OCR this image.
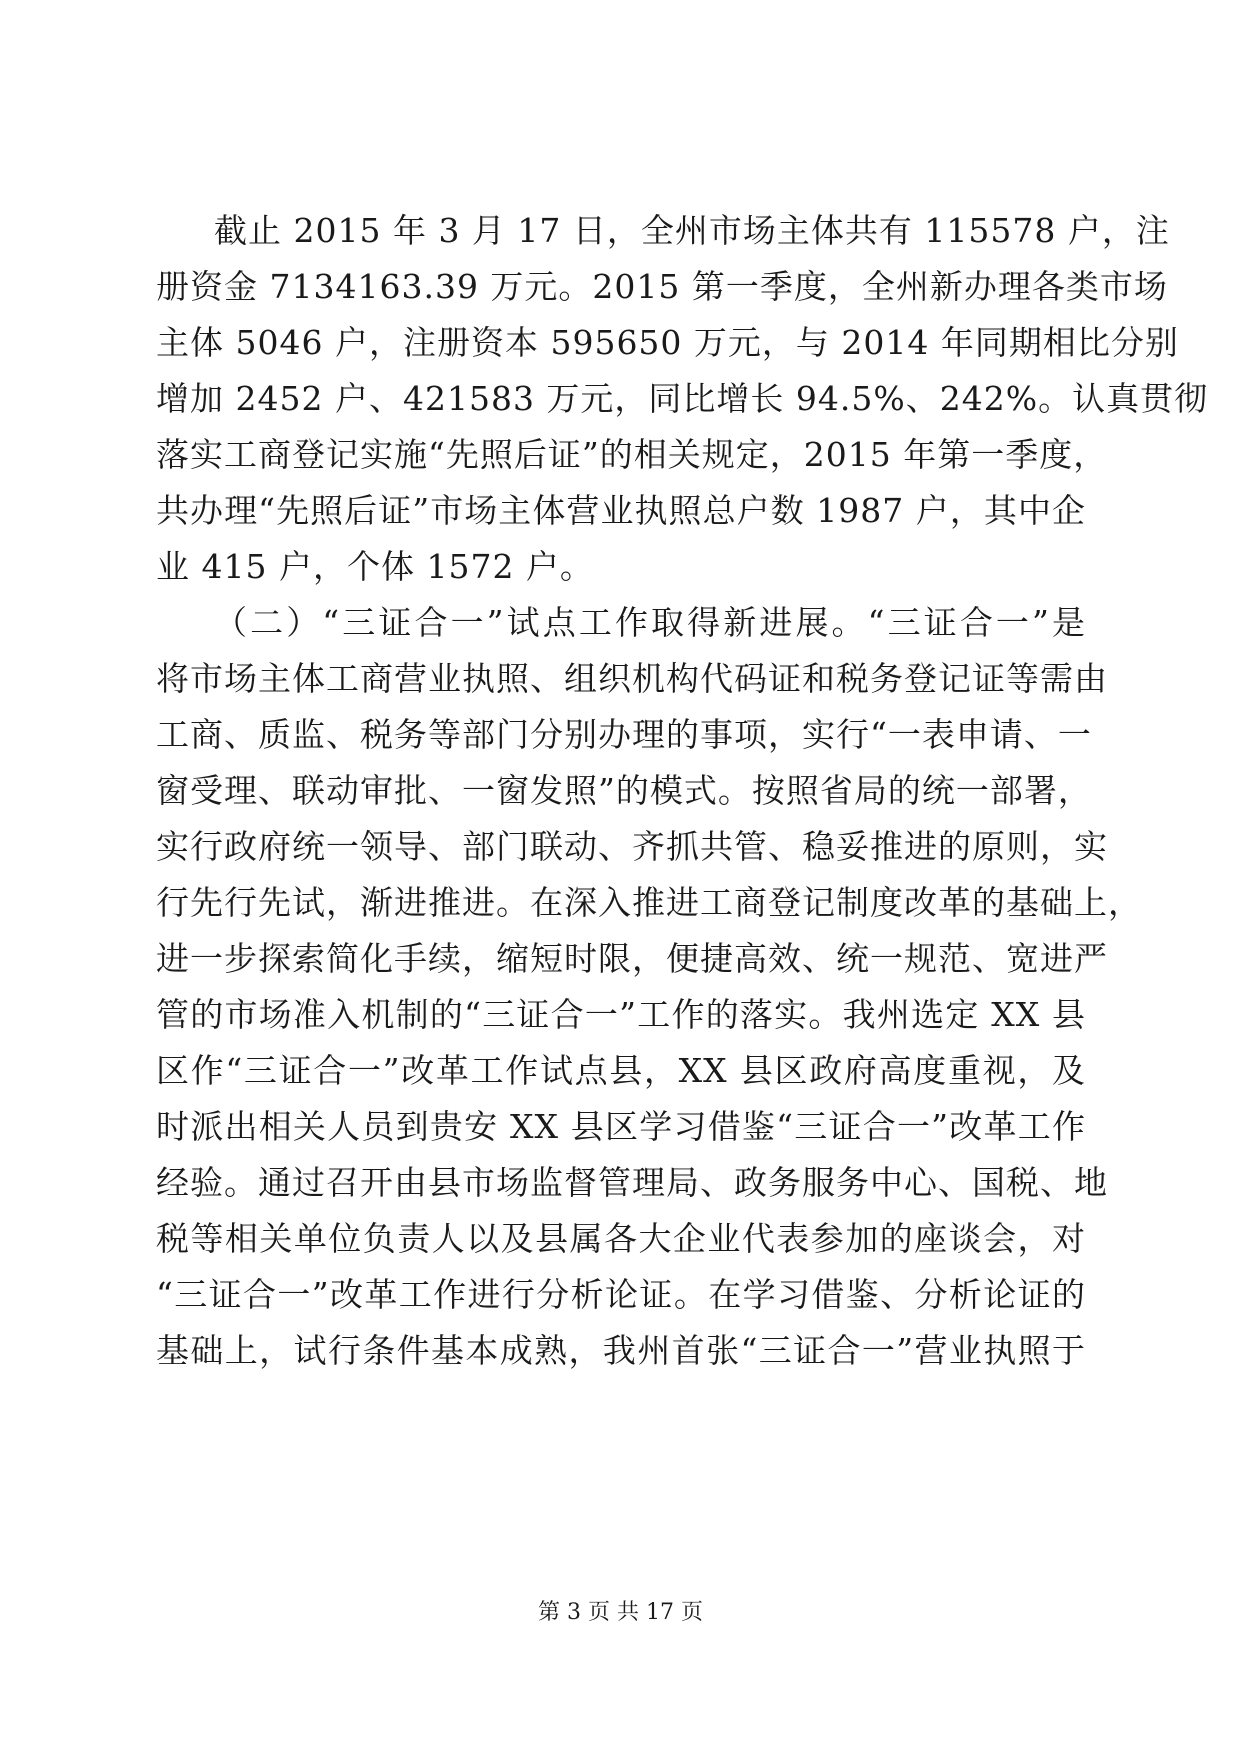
截止 2015 年 3 月 17 日，全州市场主体共有 115578 户，注
册资金 7134163.39 万元。2015 第一季度，全州新办理各类市场
主体 5046 户，注册资本 595650 万元，与 2014 年同期相比分别
增加 2452 户、421583 万元，同比增长 94.5%、242%。认真贯彻
落实工商登记实施“先照后证”的相关规定，2015 年第一季度，
共办理“先照后证”市场主体营业执照总户数 1987 户，其中企
业 415 户，个体 1572 户。
（二）“三证合一”试点工作取得新进展。“三证合一”是
将市场主体工商营业执照、组织机构代码证和税务登记证等需由
工商、质监、税务等部门分别办理的事项，实行“一表申请、一
窗受理、联动审批、一窗发照”的模式。按照省局的统一部署，
实行政府统一领导、部门联动、齐抓共管、稳妥推进的原则，实
行先行先试，渐进推进。在深入推进工商登记制度改革的基础上，
进一步探索简化手续，缩短时限，便捷高效、统一规范、宽进严
管的市场准入机制的“三证合一”工作的落实。我州选定 XX 县
区作“三证合一”改革工作试点县，XX 县区政府高度重视，及
时派出相关人员到贵安 XX 县区学习借鉴“三证合一”改革工作
经验。通过召开由县市场监督管理局、政务服务中心、国税、地
税等相关单位负责人以及县属各大企业代表参加的座谈会，对
“三证合一”改革工作进行分析论证。在学习借鉴、分析论证的
基础上，试行条件基本成熟，我州首张“三证合一”营业执照于
第 3 页 共 17 页
